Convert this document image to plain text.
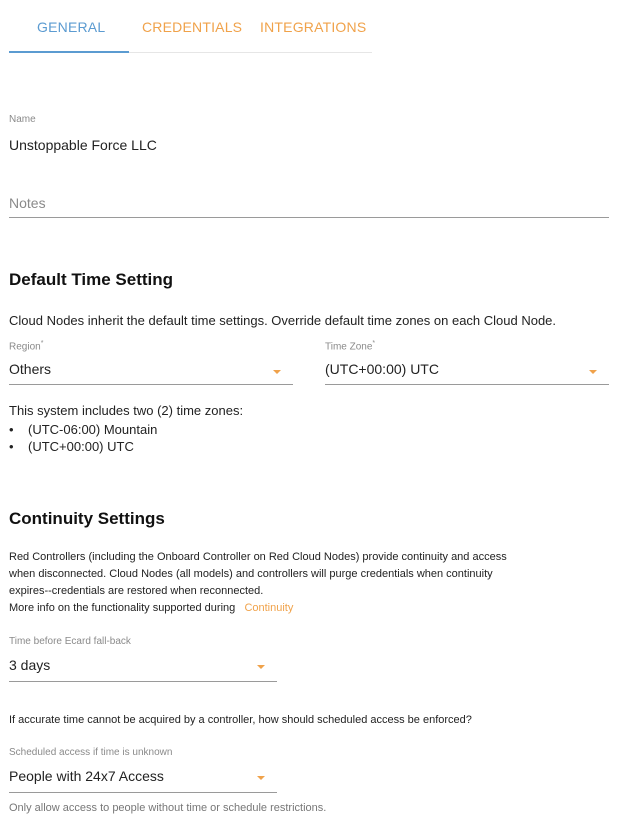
GENERAL	CREDENTIALS INTEGRATIONS
Name
Unstoppable Force LLC
Notes
Default Time Setting
Cloud Nodes inherit the default time settings. Override default time zones on each Cloud Node.
Region*
Others
Time Zone*
(UTC+00:00) UTC
This system includes two (2) time zones:
• (UTC-06:00) Mountain
• (UTC+00:00) UTC
Continuity Settings
Red Controllers (including the Onboard Controller on Red Cloud Nodes) provide continuity and access
when disconnected. Cloud Nodes (all models) and controllers will purge credentials when continuity
expires--credentials are restored when reconnected.
More info on the functionality supported during Continuity
Time before Ecard fall-back
3 days
If accurate time cannot be acquired by a controller, how should scheduled access be enforced?
Scheduled access if time is unknown
People with 24x7 Access
Only allow access to people without time or schedule restrictions.
